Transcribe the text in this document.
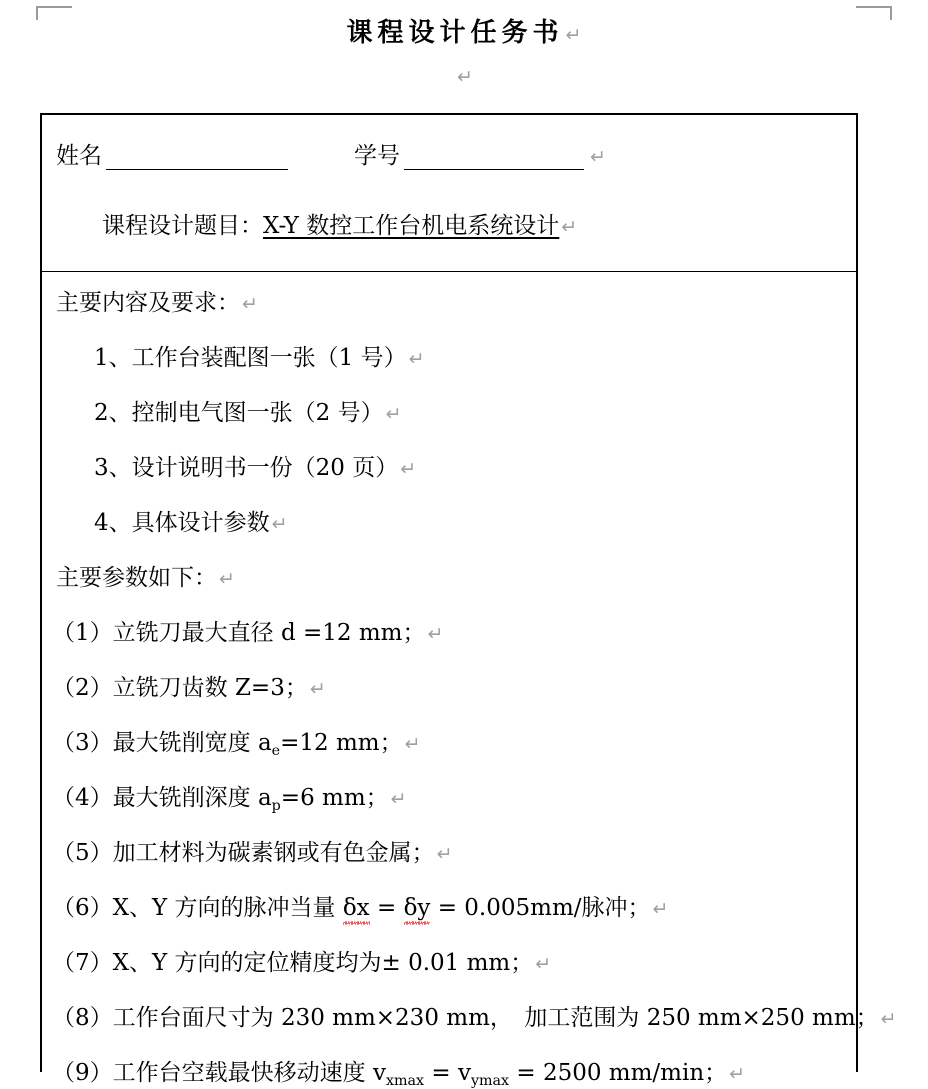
课程设计任务书 ↵
↵
姓名	学号	↵
课程设计题目：X-Y 数控工作台机电系统设计 ↵
主要内容及要求： ↵
1、工作台装配图一张（1 号） ↵
2、控制电气图一张（2 号） ↵
3、设计说明书一份（20 页） ↵
4、具体设计参数 ↵
主要参数如下： ↵
（1）立铣刀最大直径 d =12 mm； ↵
（2）立铣刀齿数 Z=3； ↵
（3）最大铣削宽度 $a_e=12$ mm； ↵
（4）最大铣削深度 $a_p=6$ mm； ↵
（5）加工材料为碳素钢或有色金属； ↵
（6）X、Y 方向的脉冲当量 δx = δy = 0.005mm/脉冲； ↵
（7）X、Y 方向的定位精度均为± 0.01 mm； ↵
（8）工作台面尺寸为 230 mm×230 mm，　加工范围为 250 mm×250 mm； ↵
（9）工作台空载最快移动速度 $v_{xmax} = v_{ymax} = 2500$ mm/min； ↵
